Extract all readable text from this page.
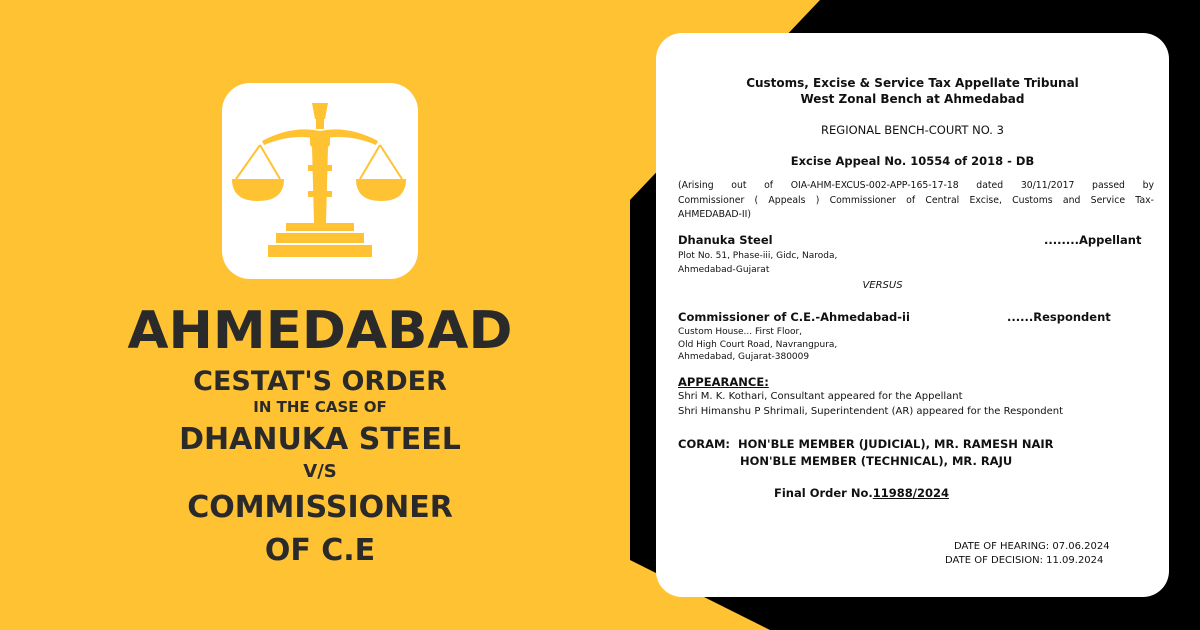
AHMEDABAD
CESTAT'S ORDER
IN THE CASE OF
DHANUKA STEEL
V/S
COMMISSIONER
OF C.E
Customs, Excise & Service Tax Appellate Tribunal
West Zonal Bench at Ahmedabad
REGIONAL BENCH-COURT NO. 3
Excise Appeal No. 10554 of 2018 - DB
(Arising out of OIA-AHM-EXCUS-002-APP-165-17-18 dated 30/11/2017 passed by
Commissioner ( Appeals ) Commissioner of Central Excise, Customs and Service Tax-
AHMEDABAD-II)
Dhanuka Steel	........Appellant
Plot No. 51, Phase-iii, Gidc, Naroda,
Ahmedabad-Gujarat
VERSUS
Commissioner of C.E.-Ahmedabad-ii	......Respondent
Custom House... First Floor,
Old High Court Road, Navrangpura,
Ahmedabad, Gujarat-380009
APPEARANCE:
Shri M. K. Kothari, Consultant appeared for the Appellant
Shri Himanshu P Shrimali, Superintendent (AR) appeared for the Respondent
CORAM:  HON'BLE MEMBER (JUDICIAL), MR. RAMESH NAIR
HON'BLE MEMBER (TECHNICAL), MR. RAJU
Final Order No.11988/2024
DATE OF HEARING: 07.06.2024
DATE OF DECISION: 11.09.2024
